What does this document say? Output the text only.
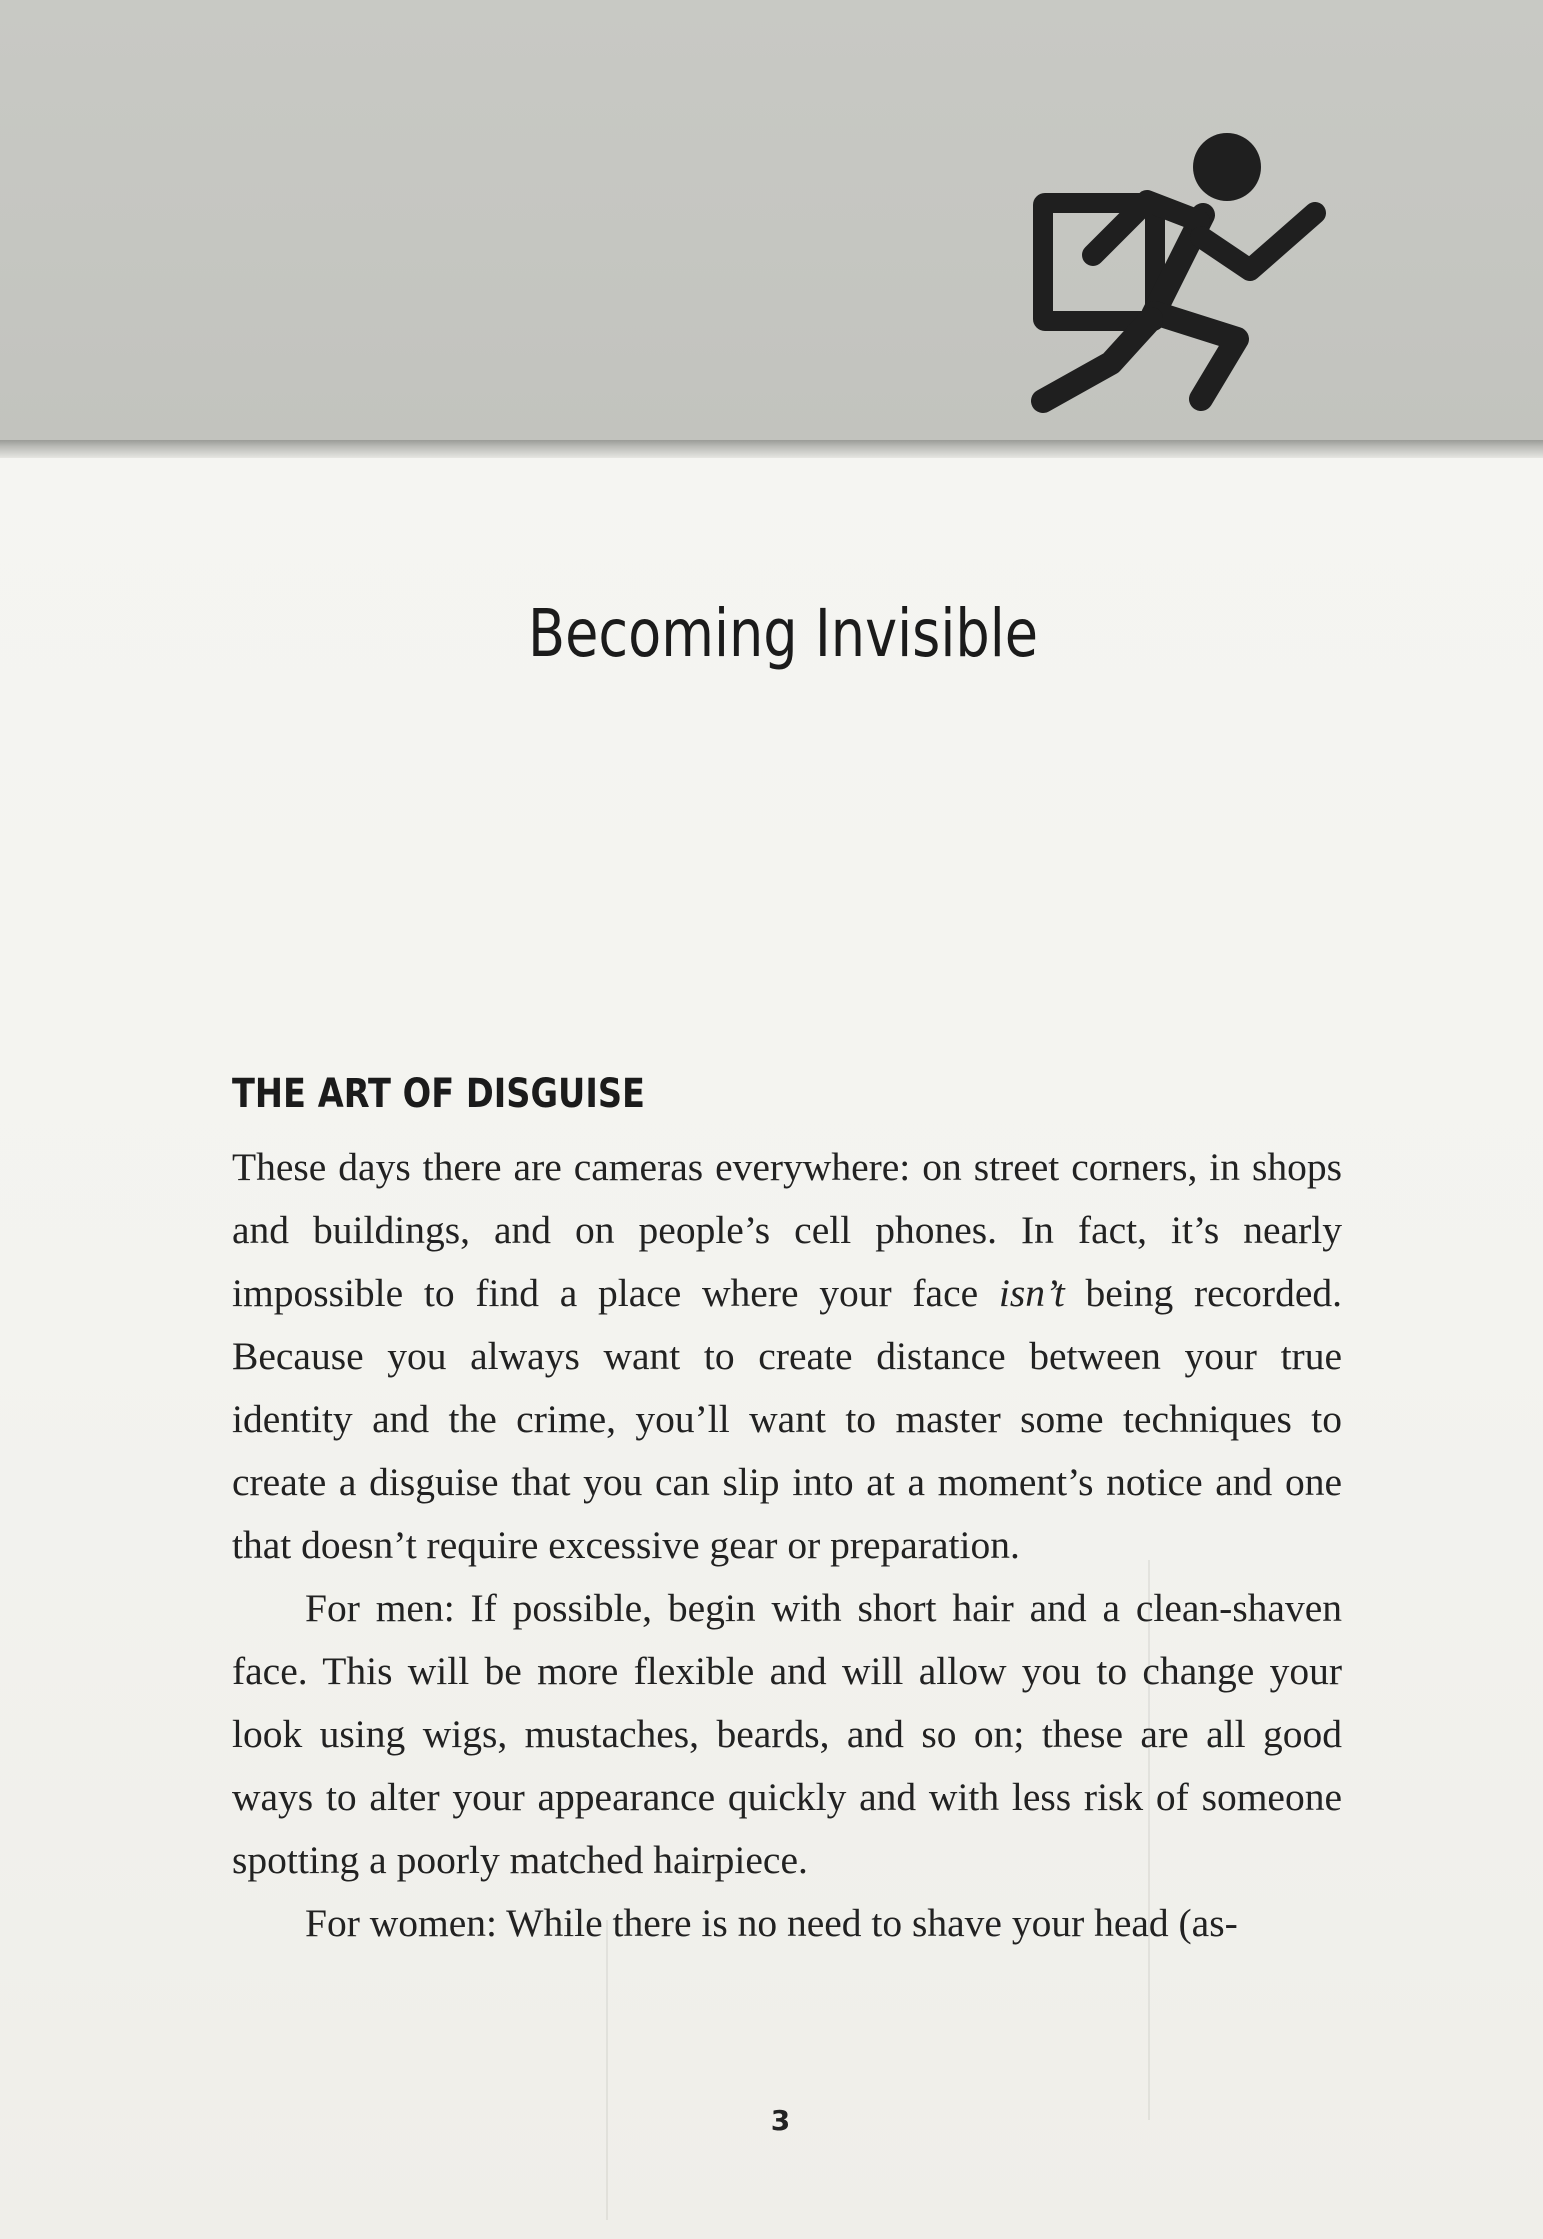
Becoming Invisible
THE ART OF DISGUISE

These days there are cameras everywhere: on street corners, in shops and buildings, and on people’s cell phones. In fact, it’s nearly impossible to find a place where your face isn’t being recorded. Because you always want to create distance between your true identity and the crime, you’ll want to master some techniques to create a disguise that you can slip into at a moment’s notice and one that doesn’t require excessive gear or preparation.

For men: If possible, begin with short hair and a clean-shaven face. This will be more flexible and will allow you to change your look using wigs, mustaches, beards, and so on; these are all good ways to alter your appearance quickly and with less risk of someone spotting a poorly matched hairpiece.

For women: While there is no need to shave your head (as-

3
